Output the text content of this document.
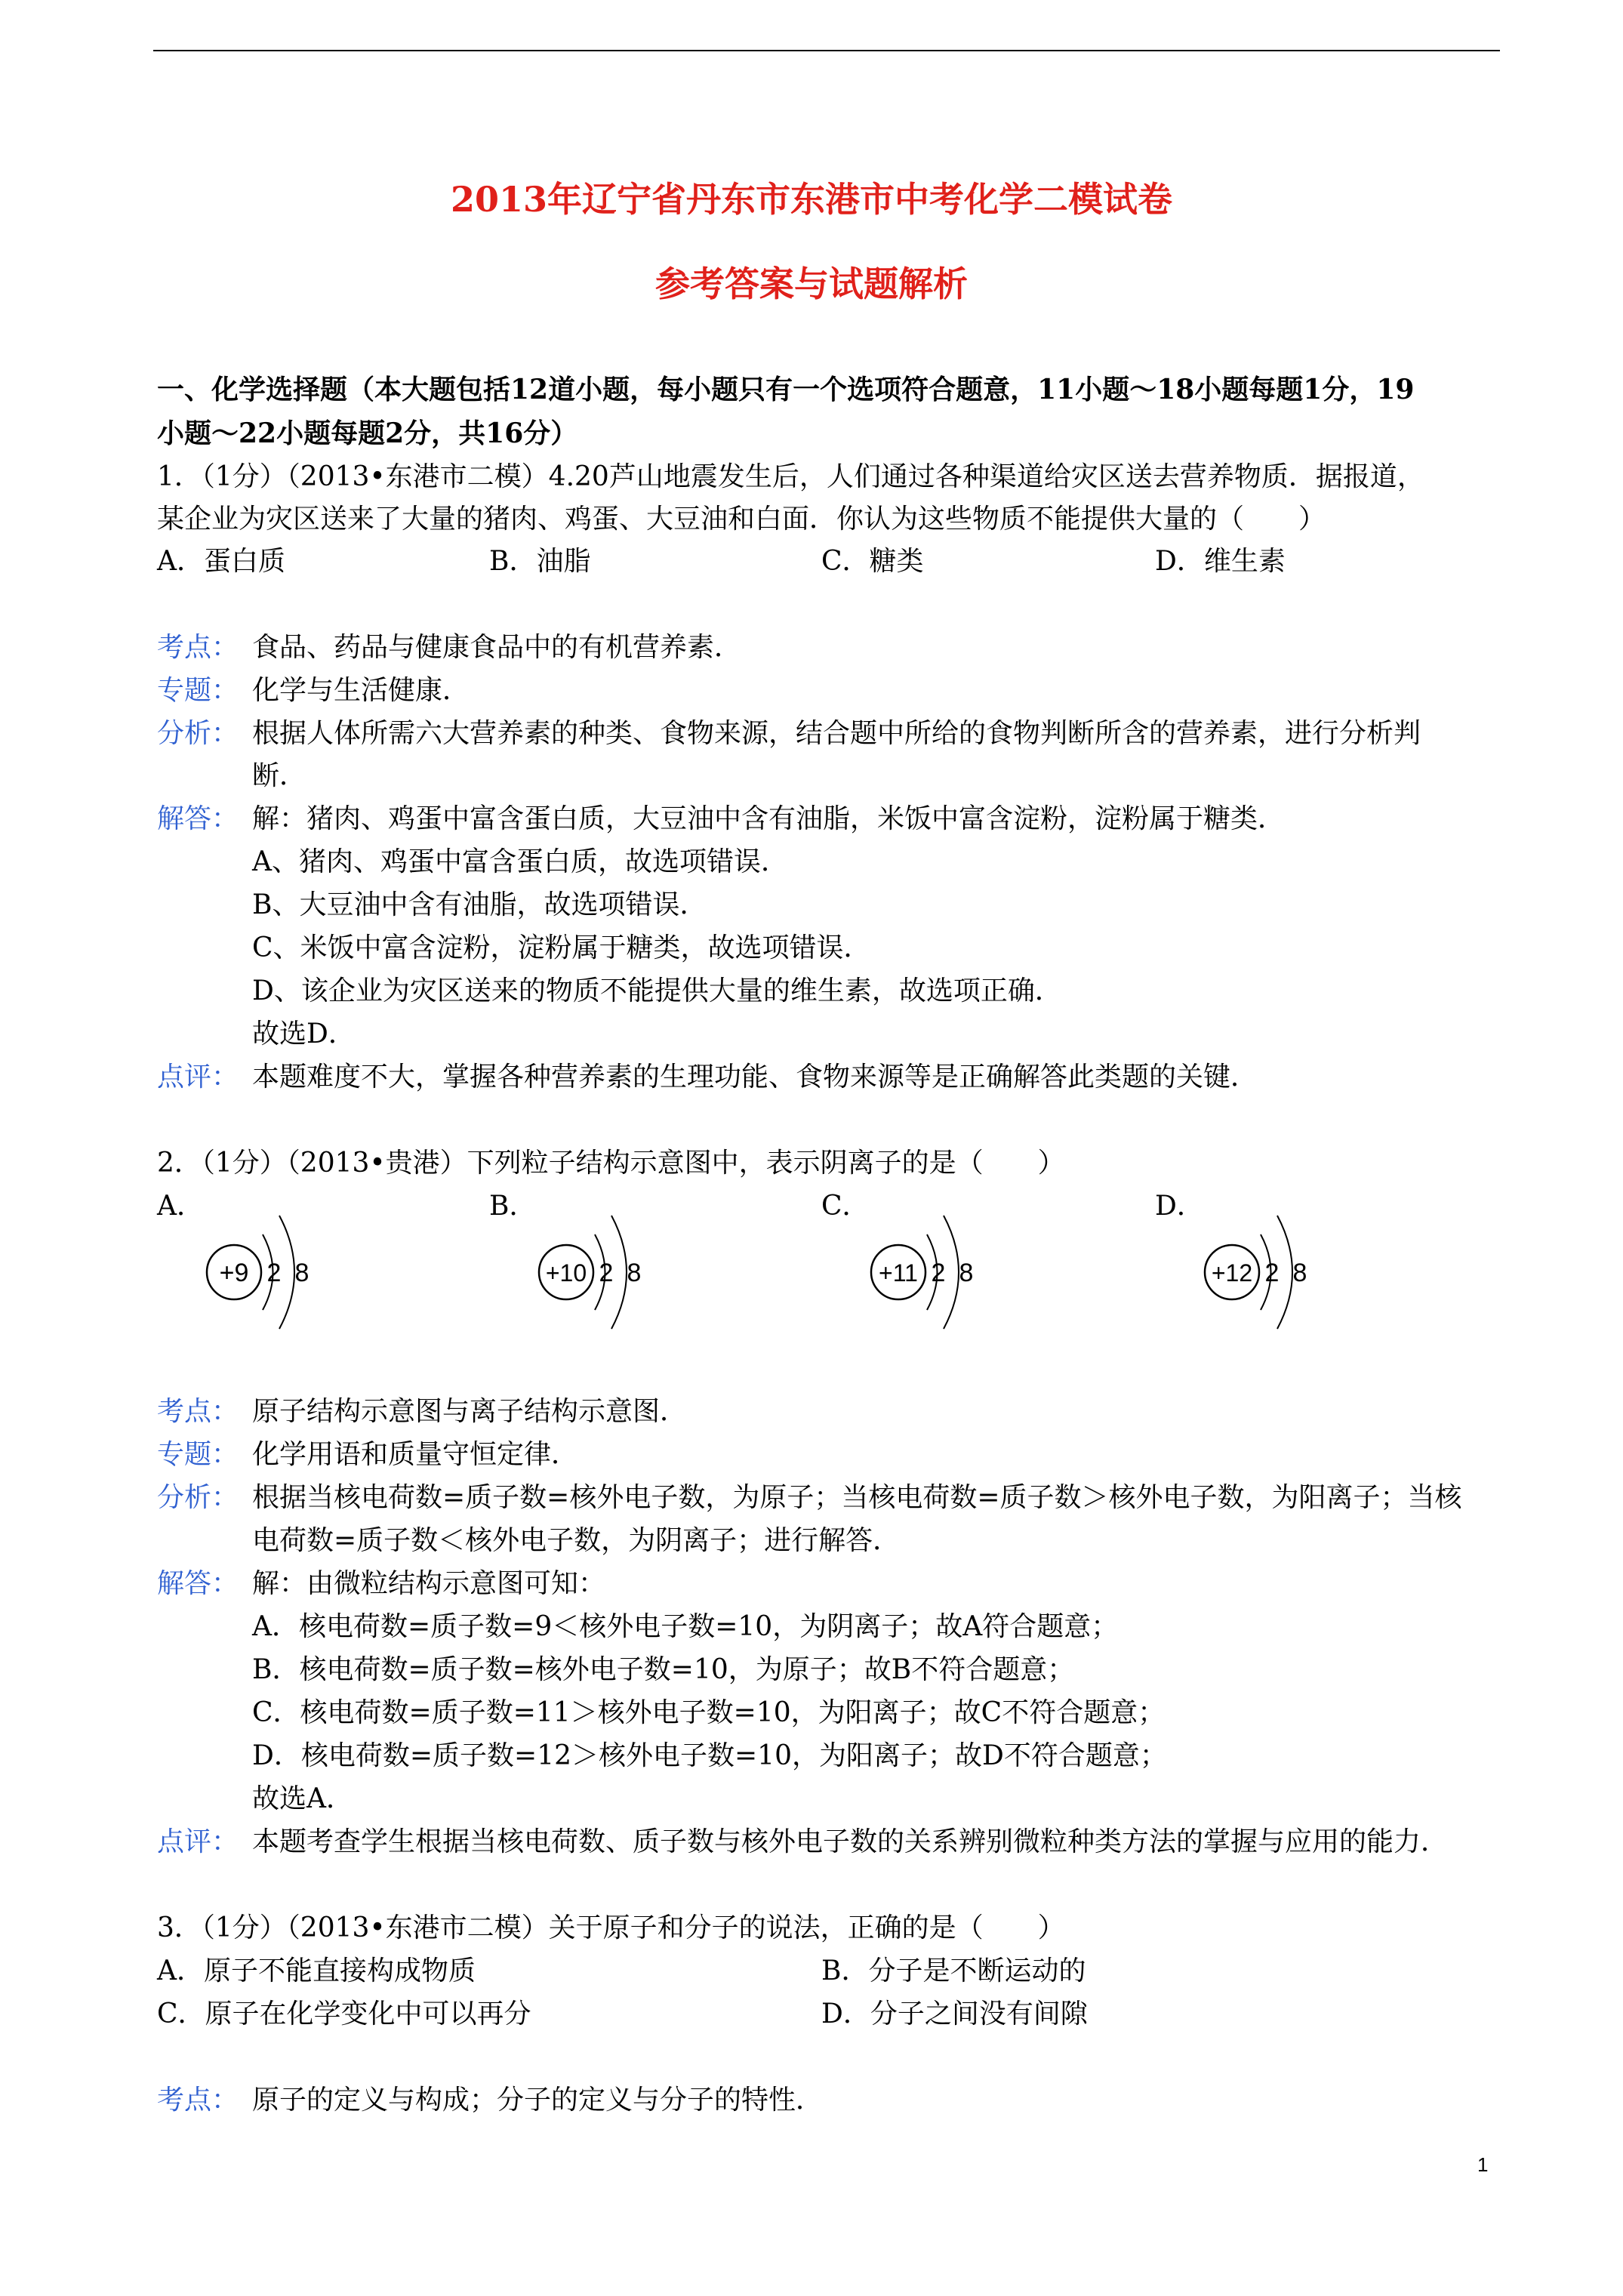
2013年辽宁省丹东市东港市中考化学二模试卷
参考答案与试题解析
一、化学选择题（本大题包括12道小题，每小题只有一个选项符合题意，11小题～18小题每题1分，19
小题～22小题每题2分，共16分）
1．（1分）（2013•东港市二模）4.20芦山地震发生后，人们通过各种渠道给灾区送去营养物质．据报道，
某企业为灾区送来了大量的猪肉、鸡蛋、大豆油和白面．你认为这些物质不能提供大量的（　　）
A．蛋白质	B．油脂	C．糖类	D．维生素
考点： 食品、药品与健康食品中的有机营养素．
专题： 化学与生活健康．
分析： 根据人体所需六大营养素的种类、食物来源，结合题中所给的食物判断所含的营养素，进行分析判
断．
解答： 解：猪肉、鸡蛋中富含蛋白质，大豆油中含有油脂，米饭中富含淀粉，淀粉属于糖类．
A、猪肉、鸡蛋中富含蛋白质，故选项错误．
B、大豆油中含有油脂，故选项错误．
C、米饭中富含淀粉，淀粉属于糖类，故选项错误．
D、该企业为灾区送来的物质不能提供大量的维生素，故选项正确．
故选D．
点评： 本题难度不大，掌握各种营养素的生理功能、食物来源等是正确解答此类题的关键．
2．（1分）（2013•贵港）下列粒子结构示意图中，表示阴离子的是（　　）
A．	B．	C．	D．
+9 2 8	+10 2 8	+11 2 8	+12 2 8
考点： 原子结构示意图与离子结构示意图．
专题： 化学用语和质量守恒定律．
分析： 根据当核电荷数=质子数=核外电子数，为原子；当核电荷数=质子数＞核外电子数，为阳离子；当核
电荷数=质子数＜核外电子数，为阴离子；进行解答．
解答： 解：由微粒结构示意图可知：
A．核电荷数=质子数=9＜核外电子数=10，为阴离子；故A符合题意；
B．核电荷数=质子数=核外电子数=10，为原子；故B不符合题意；
C．核电荷数=质子数=11＞核外电子数=10，为阳离子；故C不符合题意；
D．核电荷数=质子数=12＞核外电子数=10，为阳离子；故D不符合题意；
故选A．
点评： 本题考查学生根据当核电荷数、质子数与核外电子数的关系辨别微粒种类方法的掌握与应用的能力．
3．（1分）（2013•东港市二模）关于原子和分子的说法，正确的是（　　）
A．原子不能直接构成物质	B．分子是不断运动的
C．原子在化学变化中可以再分	D．分子之间没有间隙
考点： 原子的定义与构成；分子的定义与分子的特性．
1
